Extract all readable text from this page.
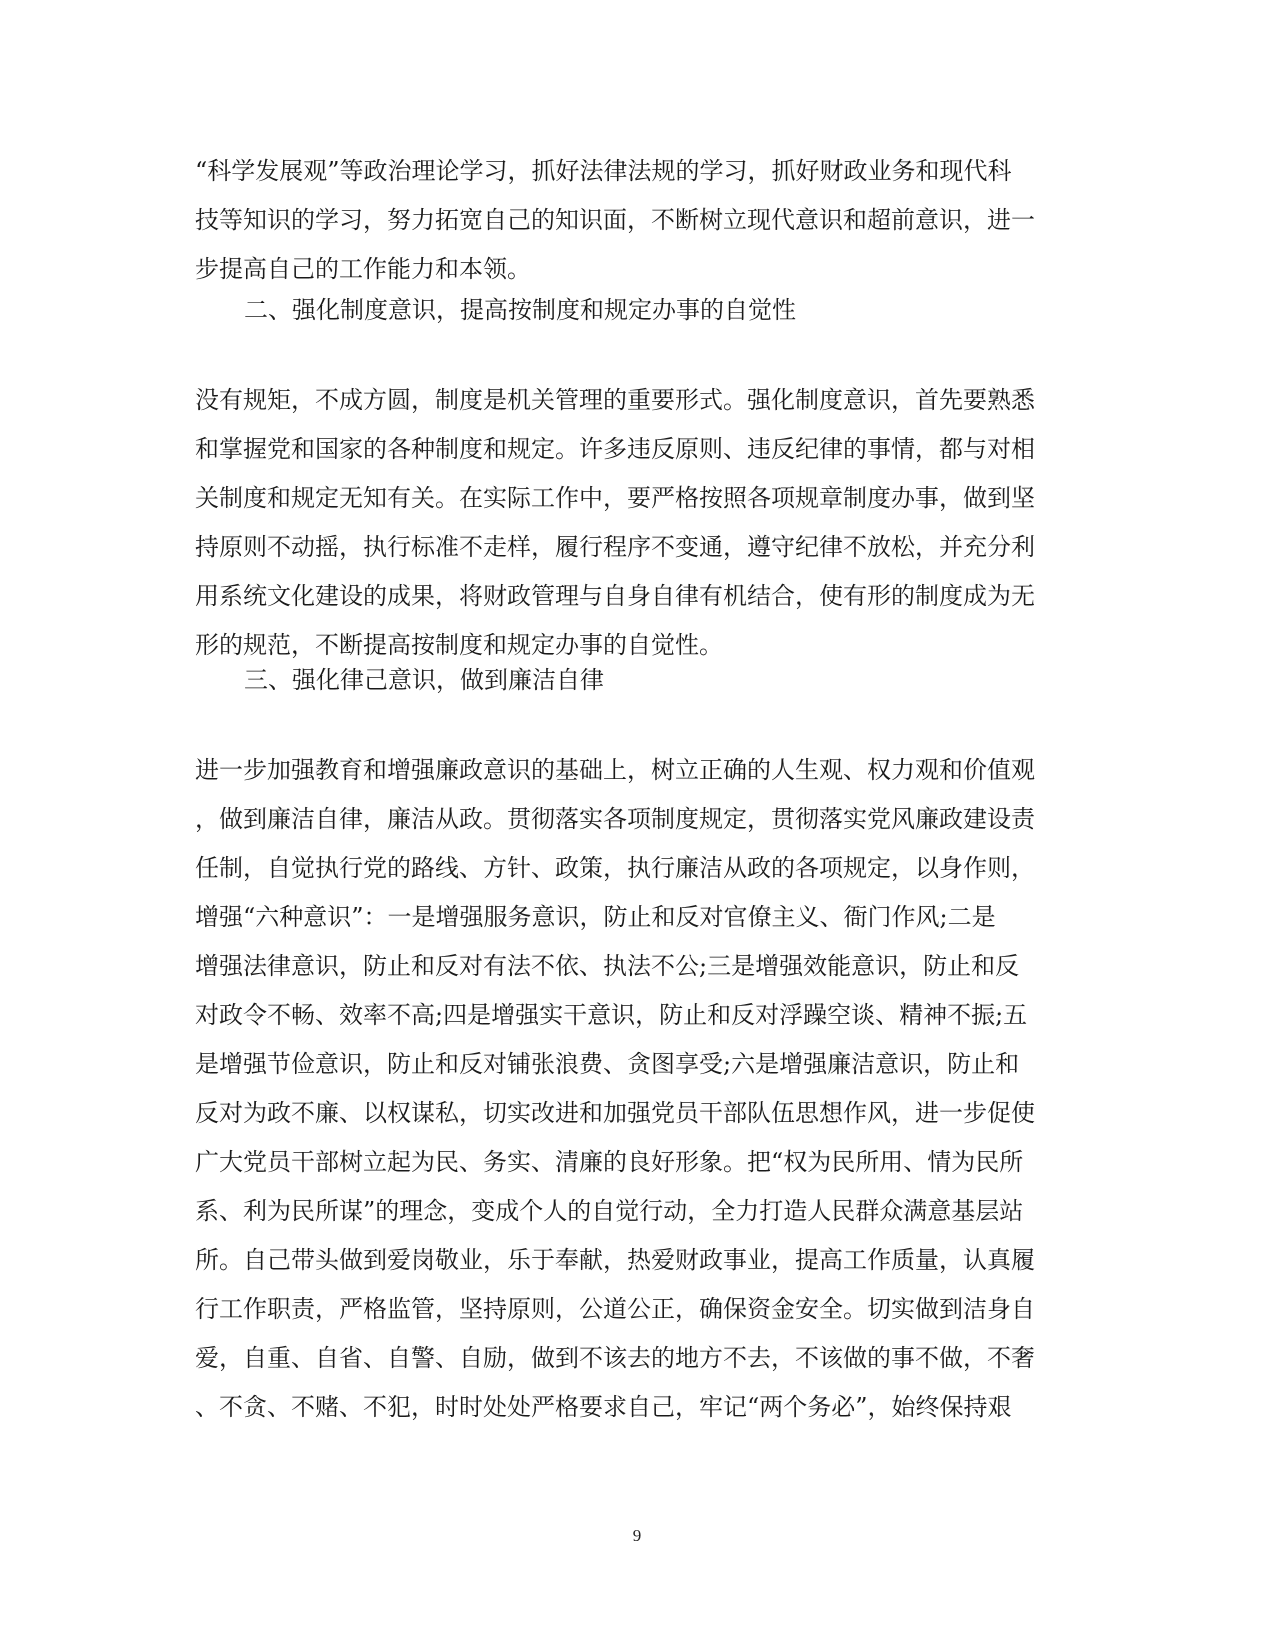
“科学发展观”等政治理论学习，抓好法律法规的学习，抓好财政业务和现代科
技等知识的学习，努力拓宽自己的知识面，不断树立现代意识和超前意识，进一
步提高自己的工作能力和本领。
二、强化制度意识，提高按制度和规定办事的自觉性
没有规矩，不成方圆，制度是机关管理的重要形式。强化制度意识，首先要熟悉
和掌握党和国家的各种制度和规定。许多违反原则、违反纪律的事情，都与对相
关制度和规定无知有关。在实际工作中，要严格按照各项规章制度办事，做到坚
持原则不动摇，执行标准不走样，履行程序不变通，遵守纪律不放松，并充分利
用系统文化建设的成果，将财政管理与自身自律有机结合，使有形的制度成为无
形的规范，不断提高按制度和规定办事的自觉性。
三、强化律己意识，做到廉洁自律
进一步加强教育和增强廉政意识的基础上，树立正确的人生观、权力观和价值观
，做到廉洁自律，廉洁从政。贯彻落实各项制度规定，贯彻落实党风廉政建设责
任制，自觉执行党的路线、方针、政策，执行廉洁从政的各项规定，以身作则，
增强“六种意识”：一是增强服务意识，防止和反对官僚主义、衙门作风;二是
增强法律意识，防止和反对有法不依、执法不公;三是增强效能意识，防止和反
对政令不畅、效率不高;四是增强实干意识，防止和反对浮躁空谈、精神不振;五
是增强节俭意识，防止和反对铺张浪费、贪图享受;六是增强廉洁意识，防止和
反对为政不廉、以权谋私，切实改进和加强党员干部队伍思想作风，进一步促使
广大党员干部树立起为民、务实、清廉的良好形象。把“权为民所用、情为民所
系、利为民所谋”的理念，变成个人的自觉行动，全力打造人民群众满意基层站
所。自己带头做到爱岗敬业，乐于奉献，热爱财政事业，提高工作质量，认真履
行工作职责，严格监管，坚持原则，公道公正，确保资金安全。切实做到洁身自
爱，自重、自省、自警、自励，做到不该去的地方不去，不该做的事不做，不奢
、不贪、不赌、不犯，时时处处严格要求自己，牢记“两个务必”，始终保持艰
9
